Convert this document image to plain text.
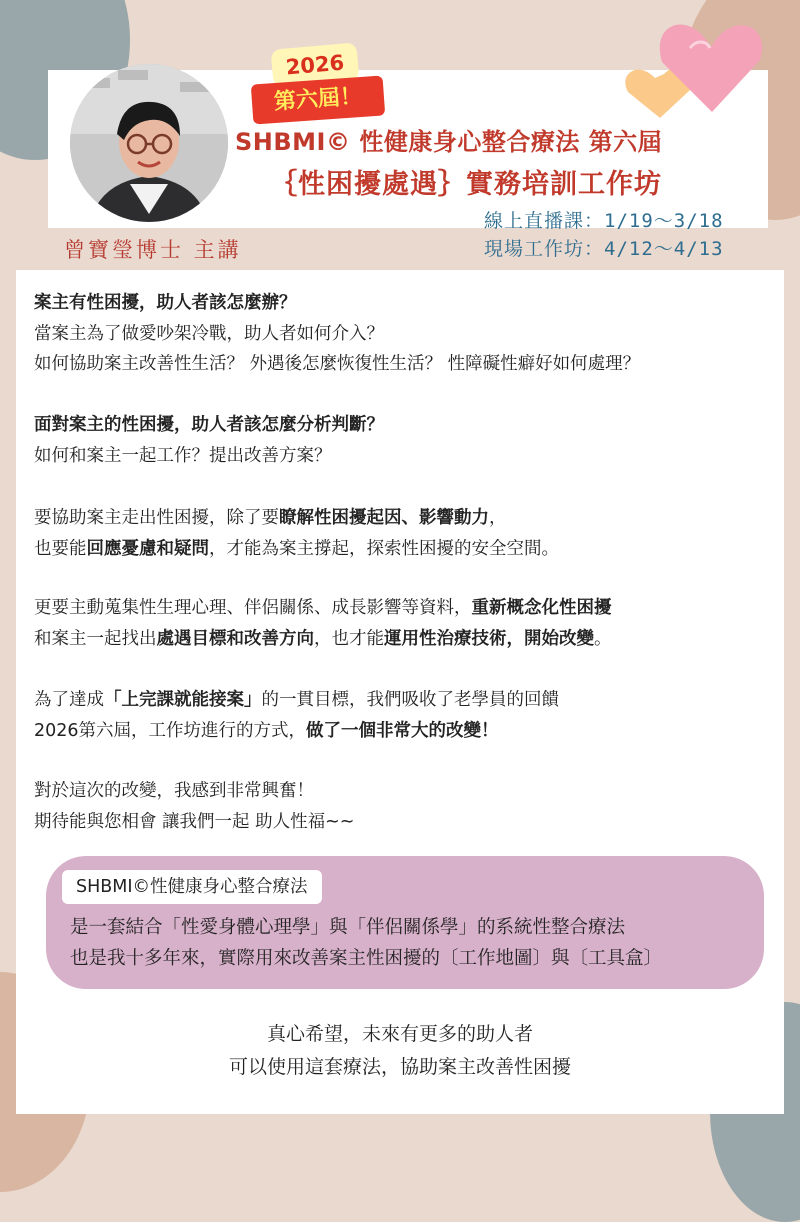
2026
第六屆！
SHBMI© 性健康身心整合療法 第六屆
｛性困擾處遇｝實務培訓工作坊
線上直播課：1/19～3/18
現場工作坊：4/12～4/13
曾寶瑩博士 主講
案主有性困擾，助人者該怎麼辦？
當案主為了做愛吵架冷戰，助人者如何介入？
如何協助案主改善性生活？ 外遇後怎麼恢復性生活？ 性障礙性癖好如何處理？
面對案主的性困擾，助人者該怎麼分析判斷？
如何和案主一起工作？提出改善方案？
要協助案主走出性困擾，除了要瞭解性困擾起因、影響動力，
也要能回應憂慮和疑問，才能為案主撐起，探索性困擾的安全空間。
更要主動蒐集性生理心理、伴侶關係、成長影響等資料，重新概念化性困擾
和案主一起找出處遇目標和改善方向，也才能運用性治療技術，開始改變。
為了達成「上完課就能接案」的一貫目標，我們吸收了老學員的回饋
2026第六屆，工作坊進行的方式，做了一個非常大的改變！
對於這次的改變，我感到非常興奮！
期待能與您相會 讓我們一起 助人性福~~
SHBMI©性健康身心整合療法
是一套結合「性愛身體心理學」與「伴侶關係學」的系統性整合療法
也是我十多年來，實際用來改善案主性困擾的〔工作地圖〕與〔工具盒〕
真心希望，未來有更多的助人者
可以使用這套療法，協助案主改善性困擾
